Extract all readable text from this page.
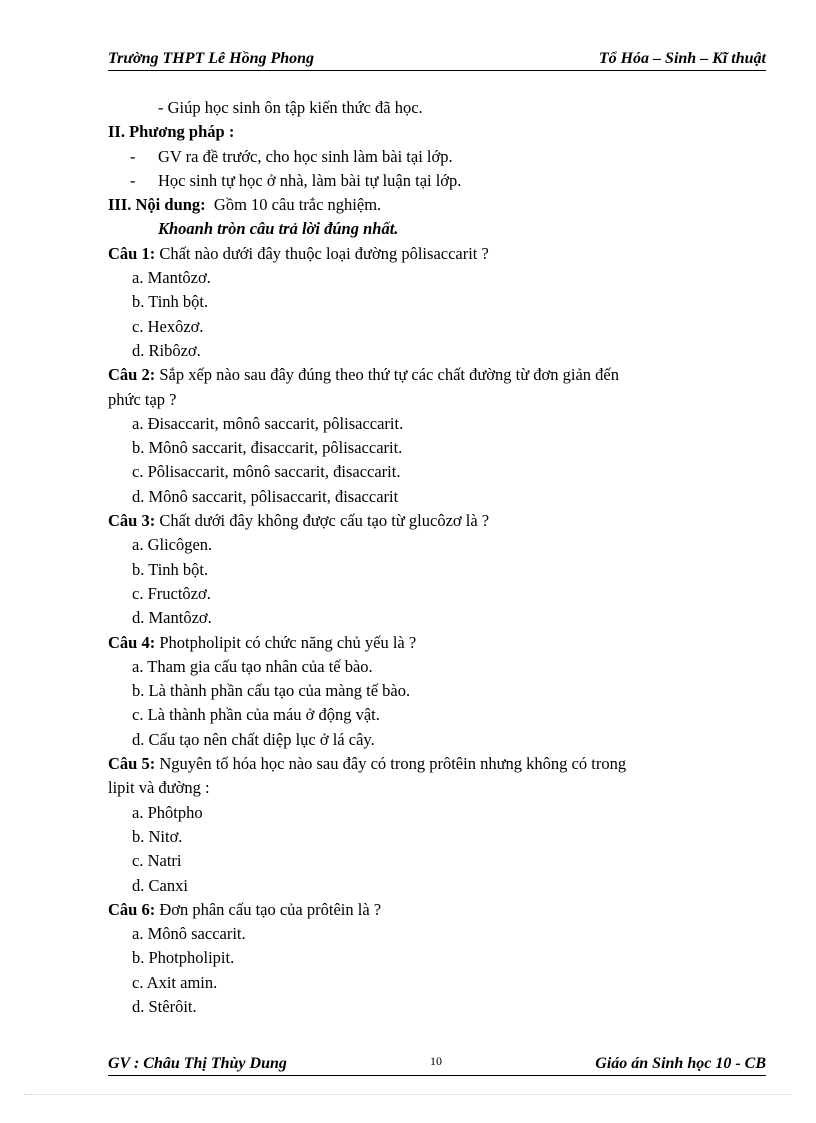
Trường THPT Lê Hồng Phong	Tổ Hóa – Sinh – Kĩ thuật
- Giúp học sinh ôn tập kiến thức đã học.
II. Phương pháp :
- GV ra đề trước, cho học sinh làm bài tại lớp.
- Học sinh tự học ở nhà, làm bài tự luận tại lớp.
III. Nội dung: Gồm 10 câu trắc nghiệm.
Khoanh tròn câu trả lời đúng nhất.
Câu 1: Chất nào dưới đây thuộc loại đường pôlisaccarit ?
a. Mantôzơ.
b. Tinh bột.
c. Hexôzơ.
d. Ribôzơ.
Câu 2: Sắp xếp nào sau đây đúng theo thứ tự các chất đường từ đơn giản đến
phức tạp ?
a. Đisaccarit, mônô saccarit, pôlisaccarit.
b. Mônô saccarit, đisaccarit, pôlisaccarit.
c. Pôlisaccarit, mônô saccarit, đisaccarit.
d. Mônô saccarit, pôlisaccarit, đisaccarit
Câu 3: Chất dưới đây không được cấu tạo từ glucôzơ là ?
a. Glicôgen.
b. Tinh bột.
c. Fructôzơ.
d. Mantôzơ.
Câu 4: Photpholipit có chức năng chủ yếu là ?
a. Tham gia cấu tạo nhân của tế bào.
b. Là thành phần cấu tạo của màng tế bào.
c. Là thành phần của máu ở động vật.
d. Cấu tạo nên chất diệp lục ở lá cây.
Câu 5: Nguyên tố hóa học nào sau đây có trong prôtêin nhưng không có trong
lipit và đường :
a. Phôtpho
b. Nitơ.
c. Natri
d. Canxi
Câu 6: Đơn phân cấu tạo của prôtêin là ?
a. Mônô saccarit.
b. Photpholipit.
c. Axit amin.
d. Stêrôit.
GV : Châu Thị Thùy Dung	10	Giáo án Sinh học 10 - CB
